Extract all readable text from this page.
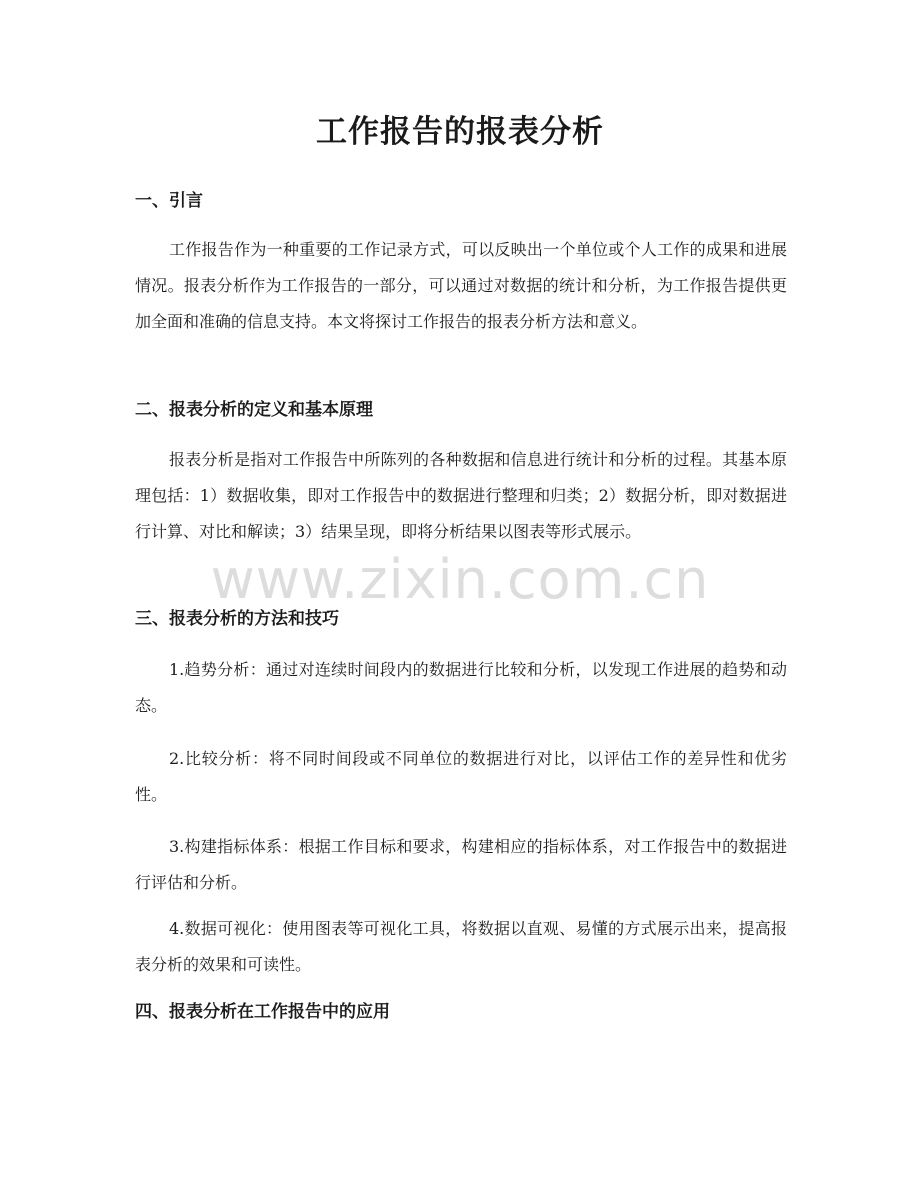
工作报告的报表分析
一、引言

工作报告作为一种重要的工作记录方式，可以反映出一个单位或个人工作的成果和进展情况。报表分析作为工作报告的一部分，可以通过对数据的统计和分析，为工作报告提供更加全面和准确的信息支持。本文将探讨工作报告的报表分析方法和意义。

二、报表分析的定义和基本原理

报表分析是指对工作报告中所陈列的各种数据和信息进行统计和分析的过程。其基本原理包括：1）数据收集，即对工作报告中的数据进行整理和归类；2）数据分析，即对数据进行计算、对比和解读；3）结果呈现，即将分析结果以图表等形式展示。

三、报表分析的方法和技巧

1.趋势分析：通过对连续时间段内的数据进行比较和分析，以发现工作进展的趋势和动态。

2.比较分析：将不同时间段或不同单位的数据进行对比，以评估工作的差异性和优劣性。

3.构建指标体系：根据工作目标和要求，构建相应的指标体系，对工作报告中的数据进行评估和分析。

4.数据可视化：使用图表等可视化工具，将数据以直观、易懂的方式展示出来，提高报表分析的效果和可读性。

四、报表分析在工作报告中的应用
www.zixin.com.cn
